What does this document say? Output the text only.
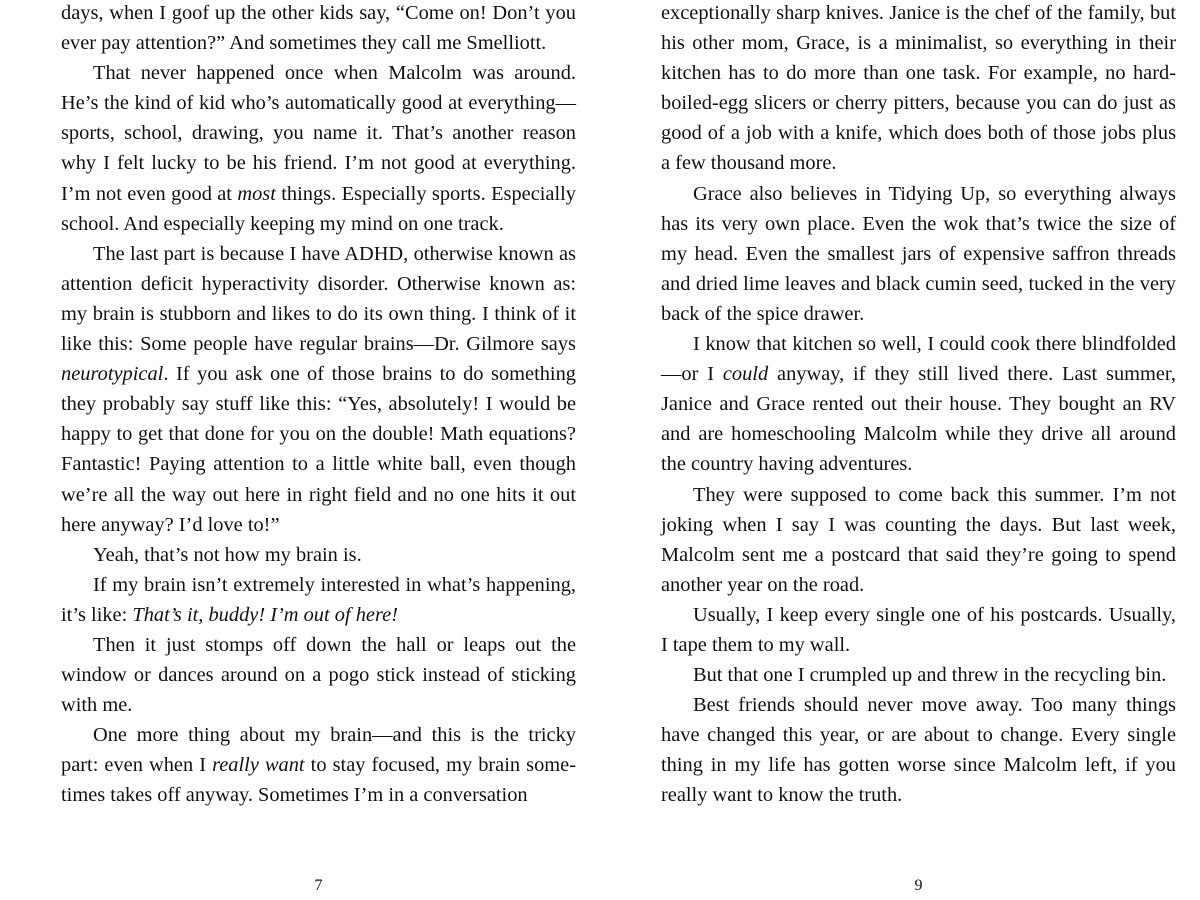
days, when I goof up the other kids say, “Come on! Don’t you ever pay attention?” And sometimes they call me Smelliott.

That never happened once when Malcolm was around. He’s the kind of kid who’s automatically good at everything—sports, school, drawing, you name it. That’s another reason why I felt lucky to be his friend. I’m not good at everything. I’m not even good at most things. Especially sports. Especially school. And especially keeping my mind on one track.

The last part is because I have ADHD, otherwise known as attention deficit hyperactivity disorder. Otherwise known as: my brain is stubborn and likes to do its own thing. I think of it like this: Some people have regular brains—Dr. Gilmore says neurotypical. If you ask one of those brains to do something they probably say stuff like this: “Yes, absolutely! I would be happy to get that done for you on the double! Math equations? Fantastic! Paying attention to a little white ball, even though we’re all the way out here in right field and no one hits it out here anyway? I’d love to!”

Yeah, that’s not how my brain is.

If my brain isn’t extremely interested in what’s happening, it’s like: That’s it, buddy! I’m out of here!

Then it just stomps off down the hall or leaps out the window or dances around on a pogo stick instead of sticking with me.

One more thing about my brain—and this is the tricky part: even when I really want to stay focused, my brain sometimes takes off anyway. Sometimes I’m in a conversation

7

exceptionally sharp knives. Janice is the chef of the family, but his other mom, Grace, is a minimalist, so everything in their kitchen has to do more than one task. For example, no hard-boiled-egg slicers or cherry pitters, because you can do just as good of a job with a knife, which does both of those jobs plus a few thousand more.

Grace also believes in Tidying Up, so everything always has its very own place. Even the wok that’s twice the size of my head. Even the smallest jars of expensive saffron threads and dried lime leaves and black cumin seed, tucked in the very back of the spice drawer.

I know that kitchen so well, I could cook there blindfolded—or I could anyway, if they still lived there. Last summer, Janice and Grace rented out their house. They bought an RV and are homeschooling Malcolm while they drive all around the country having adventures.

They were supposed to come back this summer. I’m not joking when I say I was counting the days. But last week, Malcolm sent me a postcard that said they’re going to spend another year on the road.

Usually, I keep every single one of his postcards. Usually, I tape them to my wall.

But that one I crumpled up and threw in the recycling bin.

Best friends should never move away. Too many things have changed this year, or are about to change. Every single thing in my life has gotten worse since Malcolm left, if you really want to know the truth.

9
